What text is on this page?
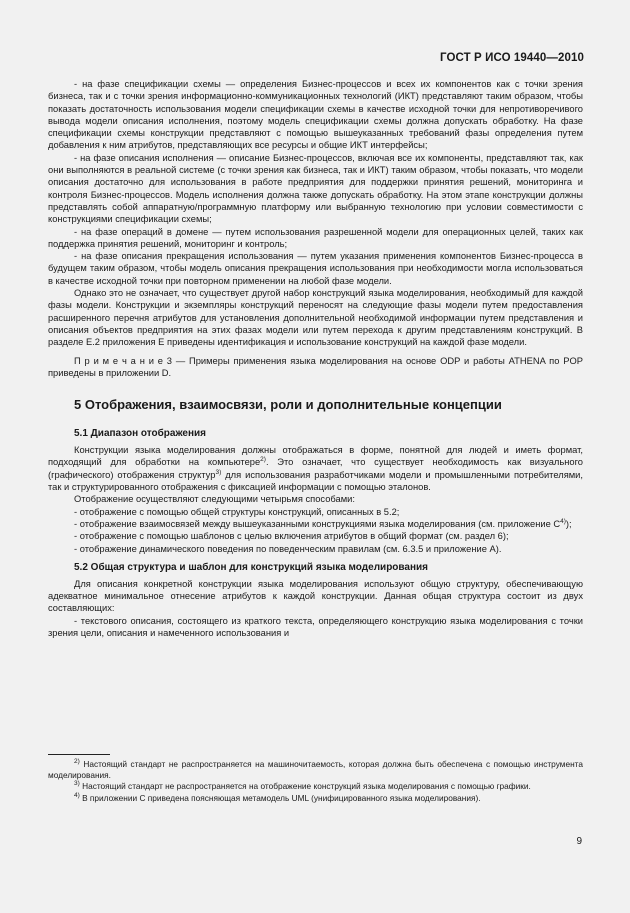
ГОСТ Р ИСО 19440—2010

- на фазе спецификации схемы — определения Бизнес-процессов и всех их компонентов как с точки зрения бизнеса, так и с точки зрения информационно-коммуникационных технологий (ИКТ) представляют таким образом, чтобы показать достаточность использования модели спецификации схемы в качестве исходной точки для непротиворечивого вывода модели описания исполнения, поэтому модель спецификации схемы должна допускать обработку. На фазе спецификации схемы конструкции представляют с помощью вышеуказанных требований фазы определения путем добавления к ним атрибутов, представляющих все ресурсы и общие ИКТ интерфейсы;

- на фазе описания исполнения — описание Бизнес-процессов, включая все их компоненты, представляют так, как они выполняются в реальной системе (с точки зрения как бизнеса, так и ИКТ) таким образом, чтобы показать, что модели описания достаточно для использования в работе предприятия для поддержки принятия решений, мониторинга и контроля Бизнес-процессов. Модель исполнения должна также допускать обработку. На этом этапе конструкции должны представлять собой аппаратную/программную платформу или выбранную технологию при условии совместимости с конструкциями спецификации схемы;

- на фазе операций в домене — путем использования разрешенной модели для операционных целей, таких как поддержка принятия решений, мониторинг и контроль;

- на фазе описания прекращения использования — путем указания применения компонентов Бизнес-процесса в будущем таким образом, чтобы модель описания прекращения использования при необходимости могла использоваться в качестве исходной точки при повторном применении на любой фазе модели.

Однако это не означает, что существует другой набор конструкций языка моделирования, необходимый для каждой фазы модели. Конструкции и экземпляры конструкций переносят на следующие фазы модели путем предоставления расширенного перечня атрибутов для установления дополнительной необходимой информации путем представления и описания объектов предприятия на этих фазах модели или путем перехода к другим представлениям конструкций. В разделе E.2 приложения E приведены идентификация и использование конструкций на каждой фазе модели.

П р и м е ч а н и е 3 — Примеры применения языка моделирования на основе ODP и работы ATHENA по POP приведены в приложении D.

5 Отображения, взаимосвязи, роли и дополнительные концепции
5.1 Диапазон отображения

Конструкции языка моделирования должны отображаться в форме, понятной для людей и иметь формат, подходящий для обработки на компьютере$^{2)}$. Это означает, что существует необходимость как визуального (графического) отображения структур$^{3)}$ для использования разработчиками модели и промышленными потребителями, так и структурированного отображения с фиксацией информации с помощью эталонов.

Отображение осуществляют следующими четырьмя способами:

- отображение с помощью общей структуры конструкций, описанных в 5.2;

- отображение взаимосвязей между вышеуказанными конструкциями языка моделирования (см. приложение $C^{4)}$);

- отображение с помощью шаблонов с целью включения атрибутов в общий формат (см. раздел 6);

- отображение динамического поведения по поведенческим правилам (см. 6.3.5 и приложение A).

5.2 Общая структура и шаблон для конструкций языка моделирования

Для описания конкретной конструкции языка моделирования используют общую структуру, обеспечивающую адекватное минимальное отнесение атрибутов к каждой конструкции. Данная общая структура состоит из двух составляющих:

- текстового описания, состоящего из краткого текста, определяющего конструкцию языка моделирования с точки зрения цели, описания и намеченного использования и

$^{2)}$ Настоящий стандарт не распространяется на машиночитаемость, которая должна быть обеспечена с помощью инструмента моделирования.

$^{3)}$ Настоящий стандарт не распространяется на отображение конструкций языка моделирования с помощью графики.

$^{4)}$ В приложении C приведена поясняющая метамодель UML (унифицированного языка моделирования).

9
